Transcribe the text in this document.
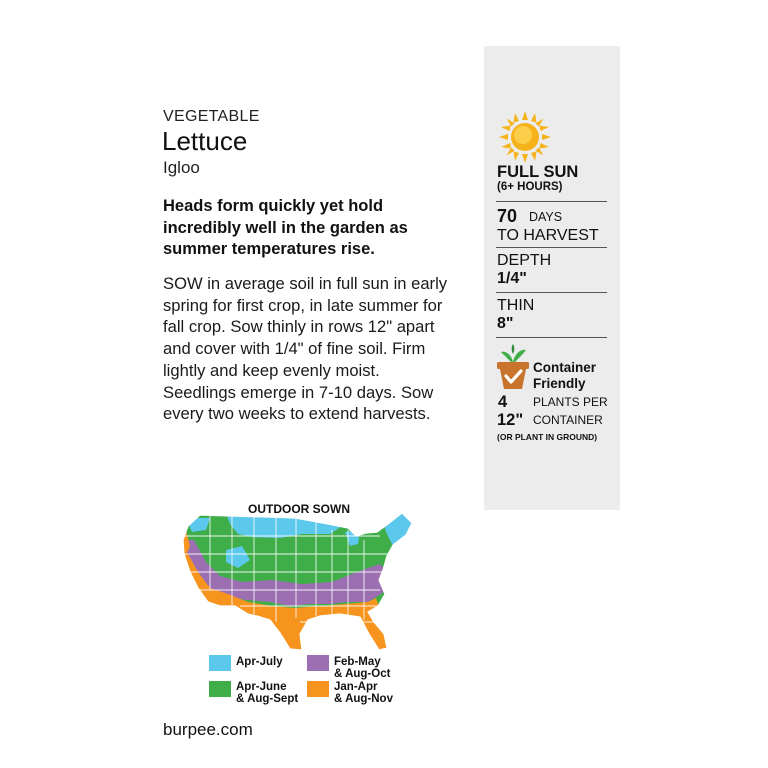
VEGETABLE
Lettuce
Igloo
Heads form quickly yet hold incredibly well in the garden as summer temperatures rise.
SOW in average soil in full sun in early spring for first crop, in late summer for fall crop. Sow thinly in rows 12" apart and cover with 1/4" of fine soil. Firm lightly and keep evenly moist. Seedlings emerge in 7-10 days. Sow every two weeks to extend harvests.
FULL SUN
(6+ HOURS)
70 DAYS
TO HARVEST
DEPTH
1/4"
THIN
8"
Container
Friendly
4 PLANTS PER
12" CONTAINER
(OR PLANT IN GROUND)
OUTDOOR SOWN
Apr-July	Feb-May
& Aug-Oct
Apr-June
& Aug-Sept
Jan-Apr
& Aug-Nov
burpee.com
